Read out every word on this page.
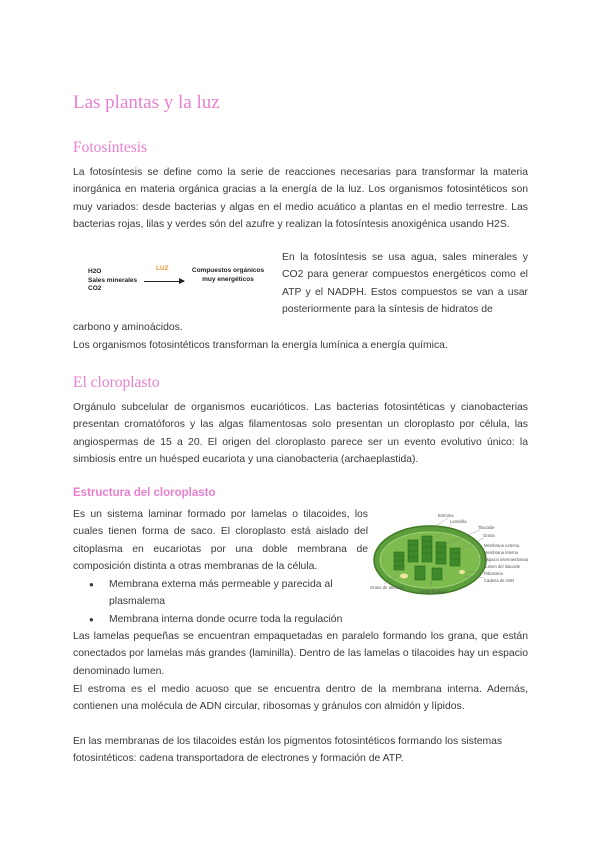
Las plantas y la luz
Fotosíntesis

La fotosíntesis se define como la serie de reacciones necesarias para transformar la materia inorgánica en materia orgánica gracias a la energía de la luz. Los organismos fotosintéticos son muy variados: desde bacterias y algas en el medio acuático a plantas en el medio terrestre. Las bacterias rojas, lilas y verdes són del azufre y realizan la fotosíntesis anoxigénica usando H2S.

H2O
Sales minerales
CO2
LUZ	Compuestos orgánicos
muy energéticos

En la fotosíntesis se usa agua, sales minerales y CO2 para generar compuestos energéticos como el ATP y el NADPH. Estos compuestos se van a usar posteriormente para la síntesis de hidratos de

carbono y aminoácidos.

Los organismos fotosintéticos transforman la energía lumínica a energía química.

El cloroplasto

Orgánulo subcelular de organismos eucarióticos. Las bacterias fotosintéticas y cianobacterias presentan cromatóforos y las algas filamentosas solo presentan un cloroplasto por célula, las angiospermas de 15 a 20. El origen del cloroplasto parece ser un evento evolutivo único: la simbiosis entre un huésped eucariota y una cianobacteria (archaeplastida).

Estructura del cloroplasto

Es un sistema laminar formado por lamelas o tilacoides, los cuales tienen forma de saco. El cloroplasto está aislado del citoplasma en eucariotas por una doble membrana de composición distinta a otras membranas de la célula.

● Membrana externa más permeable y parecida al plasmalema
● Membrana interna donde ocurre toda la regulación

Las lamelas pequeñas se encuentran empaquetadas en paralelo formando los grana, que están conectados por lamelas más grandes (laminilla). Dentro de las lamelas o tilacoides hay un espacio denominado lumen.

El estroma es el medio acuoso que se encuentra dentro de la membrana interna. Además, contienen una molécula de ADN circular, ribosomas y gránulos con almidón y lípidos.

En las membranas de los tilacoides están los pigmentos fotosintéticos formando los sistemas fotosintéticos: cadena transportadora de electrones y formación de ATP.

Estroma
Laminilla
Tilacoide
Grana
Membrana externa
Membrana interna
Espacio intermembrana
Lumen del tilacoide
Ribosoma
Cadena de ADN
Grano de almidón
Gotas lipídicas
